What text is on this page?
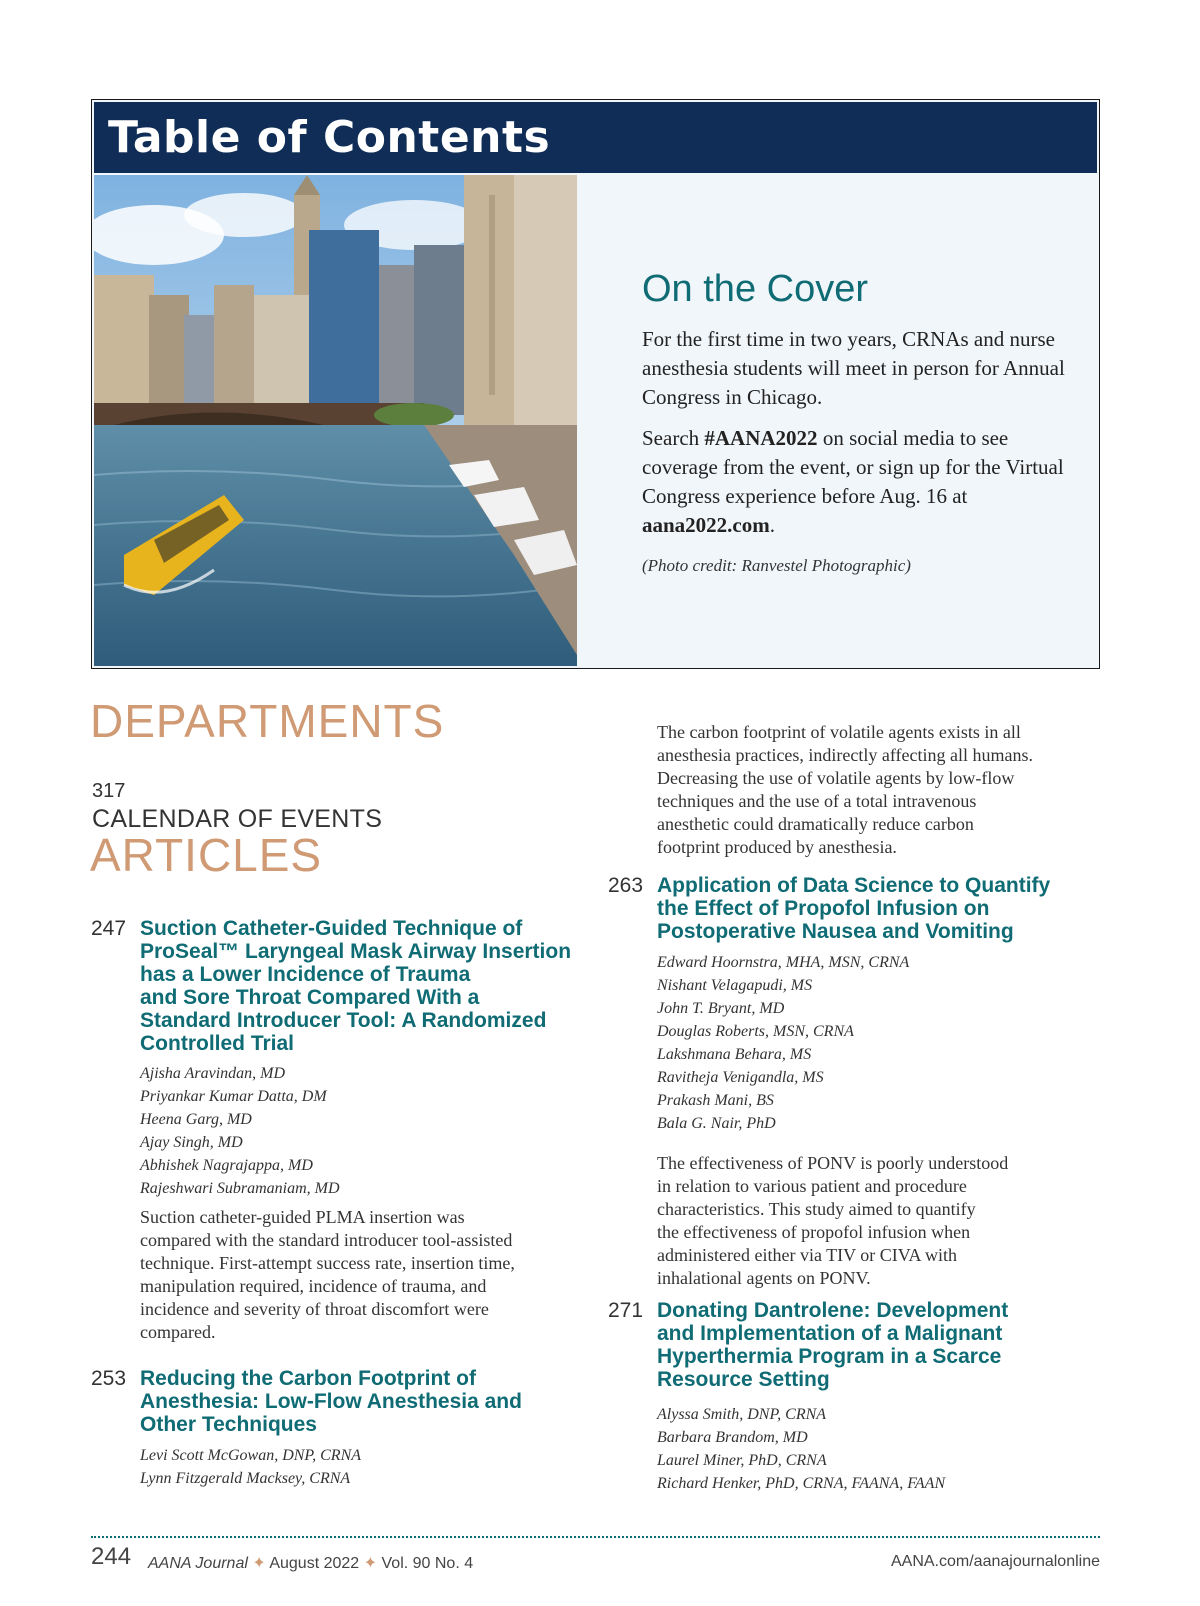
Table of Contents
On the Cover

For the first time in two years, CRNAs and nurse anesthesia students will meet in person for Annual Congress in Chicago.

Search #AANA2022 on social media to see coverage from the event, or sign up for the Virtual Congress experience before Aug. 16 at aana2022.com.

(Photo credit: Ranvestel Photographic)
DEPARTMENTS
317
CALENDAR OF EVENTS
ARTICLES
247 Suction Catheter-Guided Technique of
ProSeal™ Laryngeal Mask Airway Insertion
has a Lower Incidence of Trauma
and Sore Throat Compared With a
Standard Introducer Tool: A Randomized
Controlled Trial
Ajisha Aravindan, MD
Priyankar Kumar Datta, DM
Heena Garg, MD
Ajay Singh, MD
Abhishek Nagrajappa, MD
Rajeshwari Subramaniam, MD
Suction catheter-guided PLMA insertion was
compared with the standard introducer tool-assisted
technique. First-attempt success rate, insertion time,
manipulation required, incidence of trauma, and
incidence and severity of throat discomfort were
compared.
253 Reducing the Carbon Footprint of
Anesthesia: Low-Flow Anesthesia and
Other Techniques
Levi Scott McGowan, DNP, CRNA
Lynn Fitzgerald Macksey, CRNA
The carbon footprint of volatile agents exists in all
anesthesia practices, indirectly affecting all humans.
Decreasing the use of volatile agents by low-flow
techniques and the use of a total intravenous
anesthetic could dramatically reduce carbon
footprint produced by anesthesia.
263 Application of Data Science to Quantify
the Effect of Propofol Infusion on
Postoperative Nausea and Vomiting
Edward Hoornstra, MHA, MSN, CRNA
Nishant Velagapudi, MS
John T. Bryant, MD
Douglas Roberts, MSN, CRNA
Lakshmana Behara, MS
Ravitheja Venigandla, MS
Prakash Mani, BS
Bala G. Nair, PhD
The effectiveness of PONV is poorly understood
in relation to various patient and procedure
characteristics. This study aimed to quantify
the effectiveness of propofol infusion when
administered either via TIV or CIVA with
inhalational agents on PONV.
271 Donating Dantrolene: Development
and Implementation of a Malignant
Hyperthermia Program in a Scarce
Resource Setting
Alyssa Smith, DNP, CRNA
Barbara Brandom, MD
Laurel Miner, PhD, CRNA
Richard Henker, PhD, CRNA, FAANA, FAAN
244 AANA Journal ✦ August 2022 ✦ Vol. 90 No. 4	AANA.com/aanajournalonline
